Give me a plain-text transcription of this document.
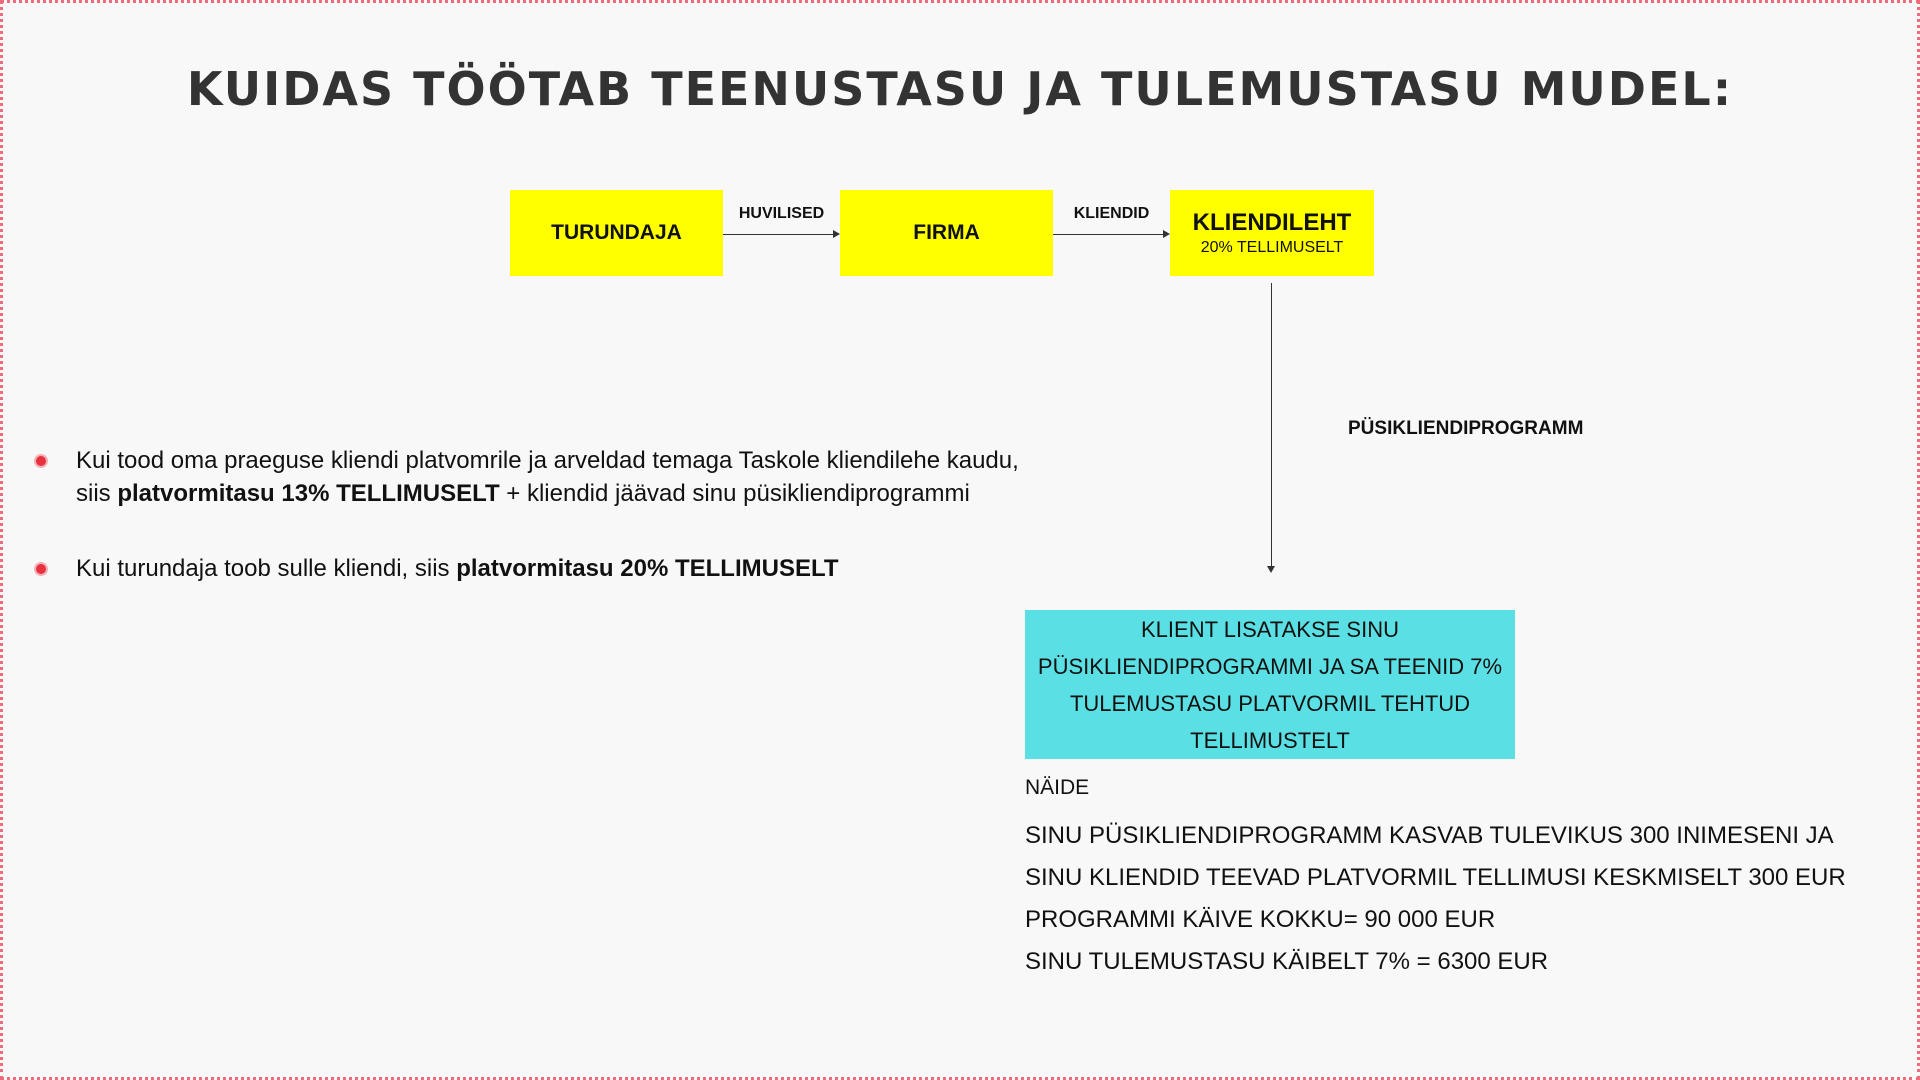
KUIDAS TÖÖTAB TEENUSTASU JA TULEMUSTASU MUDEL:
TURUNDAJA	FIRMA	KLIENDILEHT
20% TELLIMUSELT
HUVILISED	KLIENDID
PÜSIKLIENDIPROGRAMM
Kui tood oma praeguse kliendi platvomrile ja arveldad temaga Taskole kliendilehe kaudu,
siis platvormitasu 13% TELLIMUSELT + kliendid jäävad sinu püsikliendiprogrammi
Kui turundaja toob sulle kliendi, siis platvormitasu 20% TELLIMUSELT
KLIENT LISATAKSE SINU PÜSIKLIENDIPROGRAMMI JA SA TEENID 7% TULEMUSTASU PLATVORMIL TEHTUD TELLIMUSTELT
NÄIDE
SINU PÜSIKLIENDIPROGRAMM KASVAB TULEVIKUS 300 INIMESENI JA
SINU KLIENDID TEEVAD PLATVORMIL TELLIMUSI KESKMISELT 300 EUR
PROGRAMMI KÄIVE KOKKU= 90 000 EUR
SINU TULEMUSTASU KÄIBELT 7% = 6300 EUR
